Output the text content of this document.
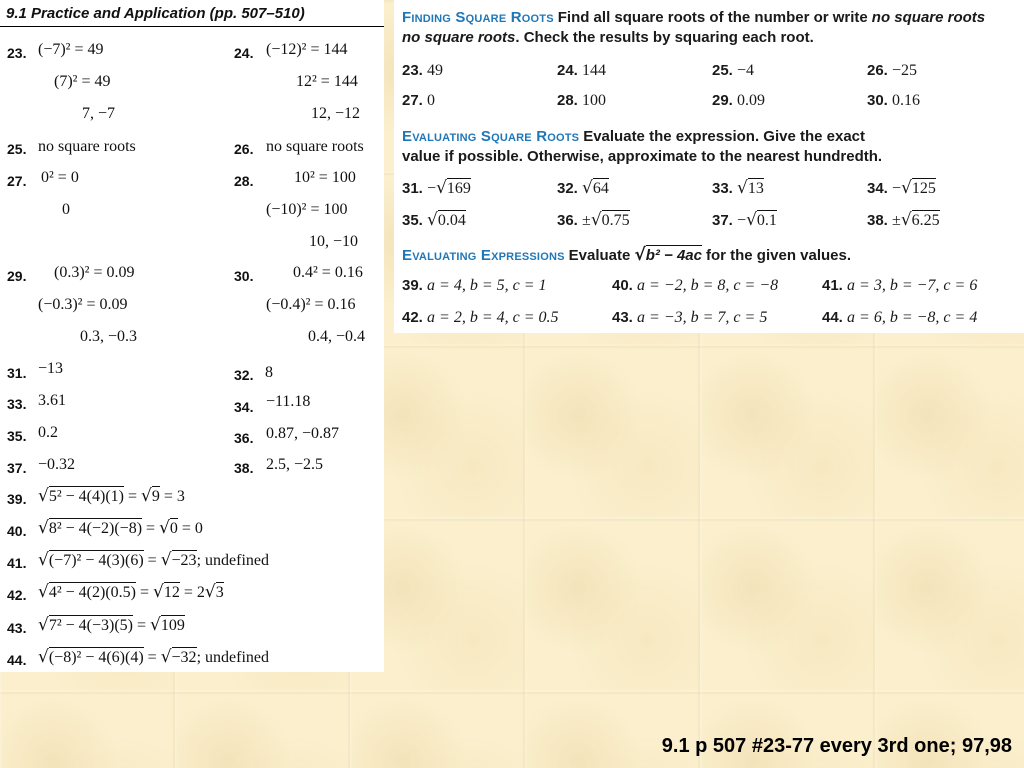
9.1 Practice and Application (pp. 507–510)
23. (−7)² = 49
(7)² = 49
7, −7
24. (−12)² = 144
12² = 144
12, −12
25. no square roots	26. no square roots
27. 0² = 0
0
28.	10² = 100
(−10)² = 100
10, −10
29. (0.3)² = 0.09
(−0.3)² = 0.09
0.3, −0.3
30. 0.4² = 0.16
(−0.4)² = 0.16
0.4, −0.4
31. −13	32. 8
33. 3.61	34. −11.18
35. 0.2	36. 0.87, −0.87
37. −0.32	38. 2.5, −2.5
39. √5² − 4(4)(1) = √9 = 3
40. √8² − 4(−2)(−8) = √0 = 0
41. √(−7)² − 4(3)(6) = √−23; undefined
42. √4² − 4(2)(0.5) = √12 = 2√3
43. √7² − 4(−3)(5) = √109
44. √(−8)² − 4(6)(4) = √−32; undefined
Finding Square Roots Find all square roots of the number or write no square roots
no square roots. Check the results by squaring each root.
23. 49	24. 144	25. −4	26. −25
27. 0	28. 100	29. 0.09	30. 0.16
Evaluating Square Roots Evaluate the expression. Give the exact
value if possible. Otherwise, approximate to the nearest hundredth.
31. −√169	32. √64	33. √13	34. −√125
35. √0.04	36. ±√0.75	37. −√0.1	38. ±√6.25
Evaluating Expressions Evaluate √b² − 4ac for the given values.
39. a = 4, b = 5, c = 1	40. a = −2, b = 8, c = −8	41. a = 3, b = −7, c = 6
42. a = 2, b = 4, c = 0.5	43. a = −3, b = 7, c = 5	44. a = 6, b = −8, c = 4
9.1 p 507 #23-77 every 3rd one; 97,98
